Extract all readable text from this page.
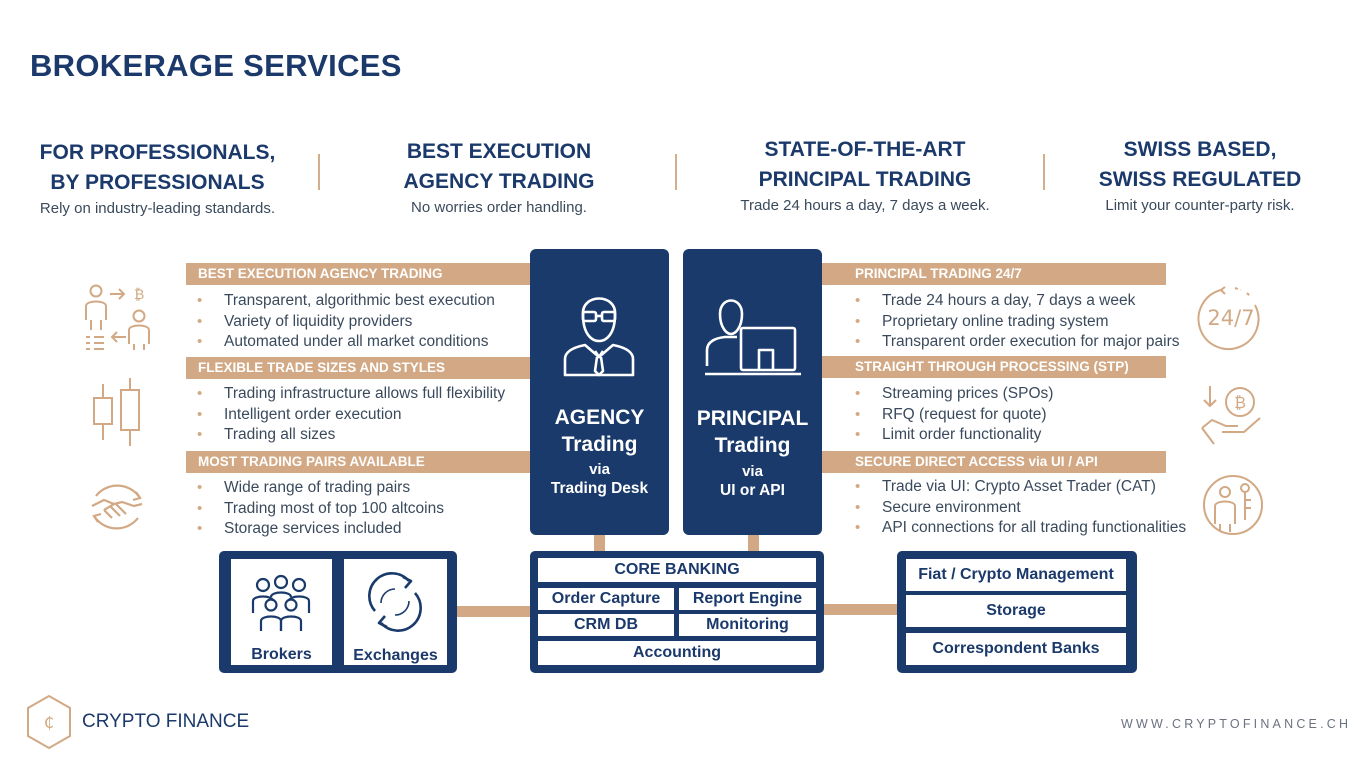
BROKERAGE SERVICES
FOR PROFESSIONALS,
BY PROFESSIONALS
Rely on industry-leading standards.
BEST EXECUTION
AGENCY TRADING
No worries order handling.
STATE-OF-THE-ART
PRINCIPAL TRADING
Trade 24 hours a day, 7 days a week.
SWISS BASED,
SWISS REGULATED
Limit your counter-party risk.
BEST EXECUTION AGENCY TRADING
• Transparent, algorithmic best execution
• Variety of liquidity providers
• Automated under all market conditions
FLEXIBLE TRADE SIZES AND STYLES
• Trading infrastructure allows full flexibility
• Intelligent order execution
• Trading all sizes
MOST TRADING PAIRS AVAILABLE
• Wide range of trading pairs
• Trading most of top 100 altcoins
• Storage services included
PRINCIPAL TRADING 24/7
• Trade 24 hours a day, 7 days a week
• Proprietary online trading system
• Transparent order execution for major pairs
STRAIGHT THROUGH PROCESSING (STP)
• Streaming prices (SPOs)
• RFQ (request for quote)
• Limit order functionality
SECURE DIRECT ACCESS via UI / API
• Trade via UI: Crypto Asset Trader (CAT)
• Secure environment
• API connections for all trading functionalities
AGENCY
Trading
via
Trading Desk
PRINCIPAL
Trading
via
UI or API
Brokers	Exchanges
CORE BANKING
Order Capture	Report Engine
CRM DB	Monitoring
Accounting
Fiat / Crypto Management
Storage
Correspondent Banks
₿
24/7
₿
₵ CRYPTO FINANCE	WWW.CRYPTOFINANCE.CH
